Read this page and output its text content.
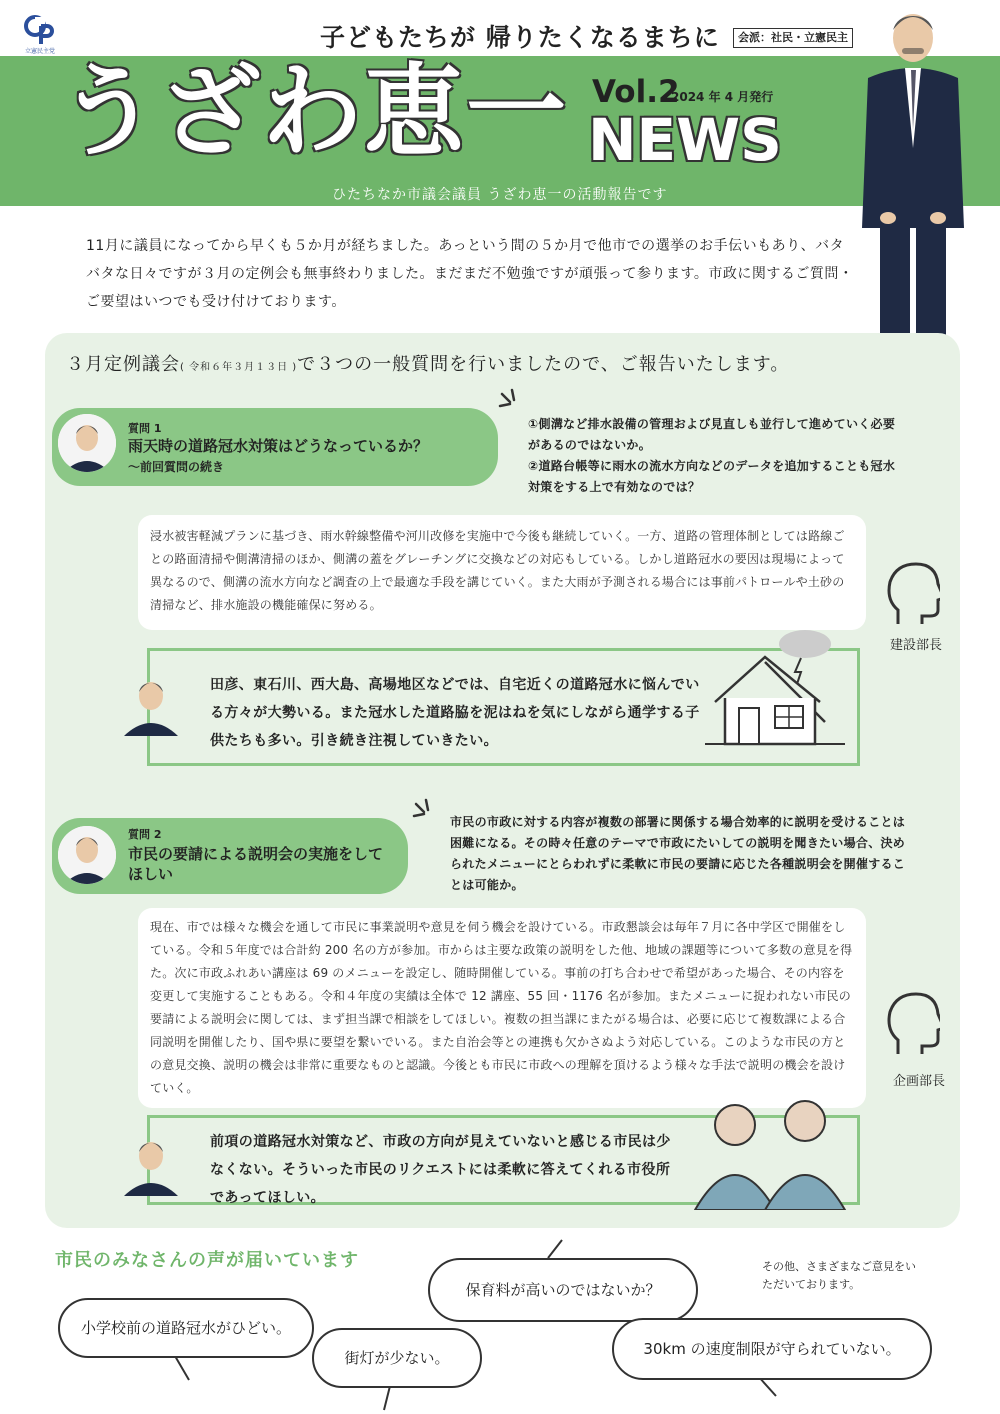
立憲民主党	子どもたちが 帰りたくなるまちに	会派：社民・立憲民主
うざわ恵一 Vol.2
2024 年 4 月発行
NEWS
ひたちなか市議会議員 うざわ恵一の活動報告です

11月に議員になってから早くも５か月が経ちました。あっという間の５か月で他市での選挙のお手伝いもあり、バタバタな日々ですが３月の定例会も無事終わりました。まだまだ不勉強ですが頑張って参ります。市政に関するご質問・ご要望はいつでも受け付けております。

３月定例議会( 令和６年３月１３日 )で３つの一般質問を行いましたので、ご報告いたします。
質問 1
雨天時の道路冠水対策はどうなっているか？
～前回質問の続き
①側溝など排水設備の管理および見直しも並行して進めていく必要があるのではないか。
②道路台帳等に雨水の流水方向などのデータを追加することも冠水対策をする上で有効なのでは？

浸水被害軽減プランに基づき、雨水幹線整備や河川改修を実施中で今後も継続していく。一方、道路の管理体制としては路線ごとの路面清掃や側溝清掃のほか、側溝の蓋をグレーチングに交換などの対応もしている。しかし道路冠水の要因は現場によって異なるので、側溝の流水方向など調査の上で最適な手段を講じていく。また大雨が予測される場合には事前パトロールや土砂の清掃など、排水施設の機能確保に努める。

建設部長

田彦、東石川、西大島、高場地区などでは、自宅近くの道路冠水に悩んでいる方々が大勢いる。また冠水した道路脇を泥はねを気にしながら通学する子供たちも多い。引き続き注視していきたい。

質問 2
市民の要請による説明会の実施をしてほしい
市民の市政に対する内容が複数の部署に関係する場合効率的に説明を受けることは困難になる。その時々任意のテーマで市政にたいしての説明を聞きたい場合、決められたメニューにとらわれずに柔軟に市民の要請に応じた各種説明会を開催することは可能か。

現在、市では様々な機会を通して市民に事業説明や意見を伺う機会を設けている。市政懇談会は毎年７月に各中学区で開催をしている。令和５年度では合計約 200 名の方が参加。市からは主要な政策の説明をした他、地域の課題等について多数の意見を得た。次に市政ふれあい講座は 69 のメニューを設定し、随時開催している。事前の打ち合わせで希望があった場合、その内容を変更して実施することもある。令和４年度の実績は全体で 12 講座、55 回・1176 名が参加。またメニューに捉われない市民の要請による説明会に関しては、まず担当課で相談をしてほしい。複数の担当課にまたがる場合は、必要に応じて複数課による合同説明を開催したり、国や県に要望を繋いでいる。また自治会等との連携も欠かさぬよう対応している。このような市民の方との意見交換、説明の機会は非常に重要なものと認識。今後とも市民に市政への理解を頂けるよう様々な手法で説明の機会を設けていく。	企画部長

前項の道路冠水対策など、市政の方向が見えていないと感じる市民は少なくない。そういった市民のリクエストには柔軟に答えてくれる市役所であってほしい。

市民のみなさんの声が届いています	その他、さまざまなご意見をいただいております。
小学校前の道路冠水がひどい。
保育料が高いのではないか？
街灯が少ない。	30km の速度制限が守られていない。
